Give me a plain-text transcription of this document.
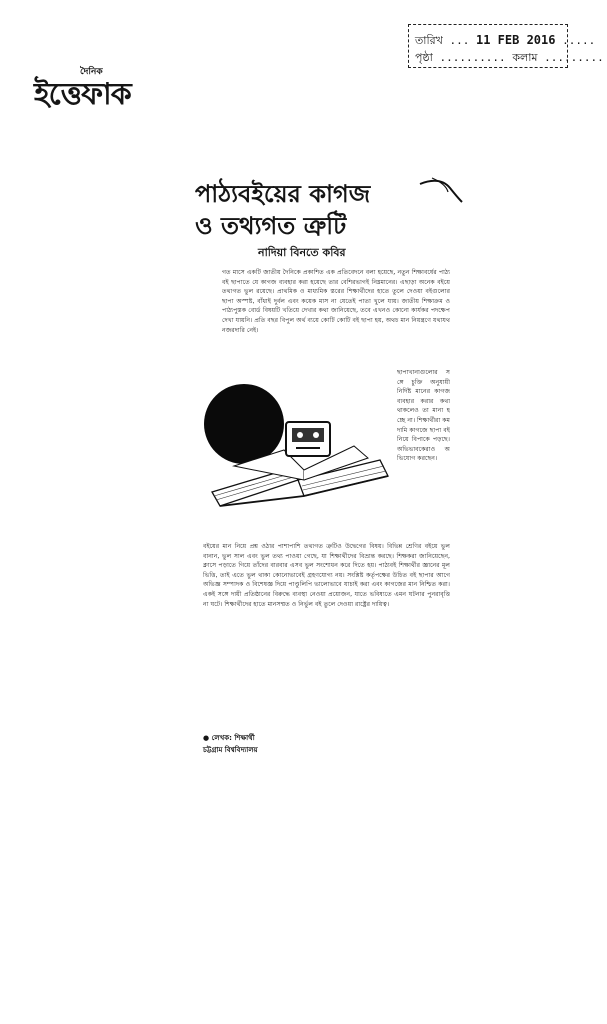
দৈনিক
ইত্তেফাক
তারিখ ... 11 FEB 2016 .....
পৃষ্ঠা .......... কলাম .........
পাঠ্যবইয়ের কাগজ
ও তথ্যগত ত্রুটি
নাদিয়া বিনতে কবির
গত মাসে একটি জাতীয় দৈনিকে প্রকাশিত এক প্রতিবেদনে বলা হয়েছে, নতুন শিক্ষাবর্ষের পাঠ্যবই ছাপাতে যে কাগজ ব্যবহার করা হয়েছে তার বেশিরভাগই নিম্নমানের। এছাড়া অনেক বইয়ে তথ্যগত ভুল রয়েছে। প্রাথমিক ও মাধ্যমিক স্তরের শিক্ষার্থীদের হাতে তুলে দেওয়া বইগুলোর ছাপা অস্পষ্ট, বাঁধাই দুর্বল এবং কয়েক মাস না যেতেই পাতা খুলে যায়। জাতীয় শিক্ষাক্রম ও পাঠ্যপুস্তক বোর্ড বিষয়টি খতিয়ে দেখার কথা জানিয়েছে, তবে এখনও কোনো কার্যকর পদক্ষেপ দেখা যায়নি। প্রতি বছর বিপুল অর্থ ব্যয়ে কোটি কোটি বই ছাপা হয়, অথচ মান নিয়ন্ত্রণে যথাযথ নজরদারি নেই।
ছাপাখানাগুলোর সঙ্গে চুক্তি অনুযায়ী নির্দিষ্ট মানের কাগজ ব্যবহার করার কথা থাকলেও তা মানা হচ্ছে না। শিক্ষার্থীরা কম দামি কাগজে ছাপা বই নিয়ে বিপাকে পড়ছে। অভিভাবকেরাও অভিযোগ করছেন।
বইয়ের মান নিয়ে প্রশ্ন ওঠার পাশাপাশি তথ্যগত ত্রুটিও উদ্বেগের বিষয়। বিভিন্ন শ্রেণির বইয়ে ভুল বানান, ভুল সাল এবং ভুল তথ্য পাওয়া গেছে, যা শিক্ষার্থীদের বিভ্রান্ত করছে। শিক্ষকরা জানিয়েছেন, ক্লাসে পড়াতে গিয়ে তাঁদের বারবার এসব ভুল সংশোধন করে দিতে হয়। পাঠ্যবই শিক্ষার্থীর জ্ঞানের মূল ভিত্তি, তাই এতে ভুল থাকা কোনোভাবেই গ্রহণযোগ্য নয়। সংশ্লিষ্ট কর্তৃপক্ষের উচিত বই ছাপার আগে অভিজ্ঞ সম্পাদক ও বিশেষজ্ঞ দিয়ে পাণ্ডুলিপি ভালোভাবে যাচাই করা এবং কাগজের মান নিশ্চিত করা। একই সঙ্গে দায়ী প্রতিষ্ঠানের বিরুদ্ধে ব্যবস্থা নেওয়া প্রয়োজন, যাতে ভবিষ্যতে এমন ঘটনার পুনরাবৃত্তি না ঘটে। শিক্ষার্থীদের হাতে মানসম্মত ও নির্ভুল বই তুলে দেওয়া রাষ্ট্রের দায়িত্ব।
● লেখক: শিক্ষার্থী
চট্টগ্রাম বিশ্ববিদ্যালয়
